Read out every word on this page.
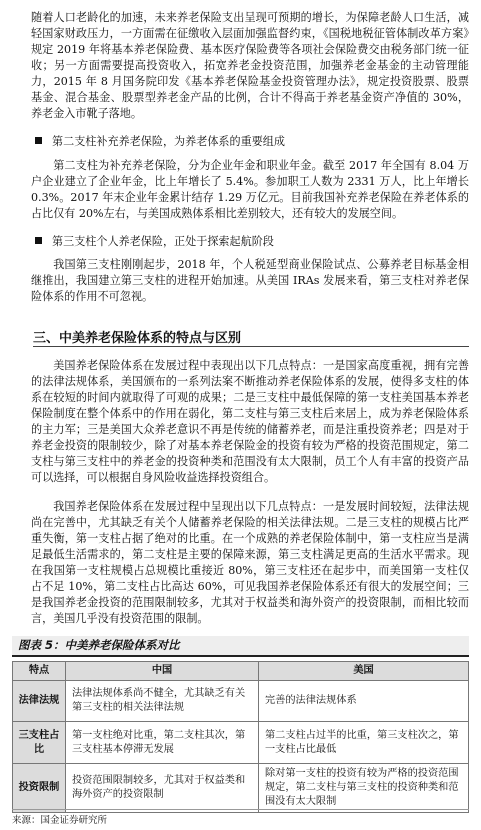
随着人口老龄化的加速，未来养老保险支出呈现可预期的增长，为保障老龄人口生活，减轻国家财政压力，一方面需在征缴收入层面加强监督约束，《国税地税征管体制改革方案》规定 2019 年将基本养老保险费、基本医疗保险费等各项社会保险费交由税务部门统一征收；另一方面需要提高投资收入，拓宽养老金投资范围，加强养老金基金的主动管理能力，2015 年 8 月国务院印发《基本养老保险基金投资管理办法》，规定投资股票、股票基金、混合基金、股票型养老金产品的比例，合计不得高于养老基金资产净值的 30%，养老金入市靴子落地。

第二支柱补充养老保险，为养老体系的重要组成

第二支柱为补充养老保险，分为企业年金和职业年金。截至 2017 年全国有 8.04 万户企业建立了企业年金，比上年增长了 5.4%。参加职工人数为 2331 万人，比上年增长 0.3%。2017 年末企业年金累计结存 1.29 万亿元。目前我国补充养老保险在养老体系的占比仅有 20%左右，与美国成熟体系相比差别较大，还有较大的发展空间。

第三支柱个人养老保险，正处于探索起航阶段

我国第三支柱刚刚起步，2018 年，个人税延型商业保险试点、公募养老目标基金相继推出，我国建立第三支柱的进程开始加速。从美国 IRAs 发展来看，第三支柱对养老保险体系的作用不可忽视。

三、中美养老保险体系的特点与区别

美国养老保险体系在发展过程中表现出以下几点特点：一是国家高度重视，拥有完善的法律法规体系，美国颁布的一系列法案不断推动养老保险体系的发展，使得多支柱的体系在较短的时间内就取得了可观的成果；二是三支柱中最低保障的第一支柱美国基本养老保险制度在整个体系中的作用在弱化，第二支柱与第三支柱后来居上，成为养老保险体系的主力军；三是美国大众养老意识不再是传统的储蓄养老，而是注重投资养老；四是对于养老金投资的限制较少，除了对基本养老保险金的投资有较为严格的投资范围规定，第二支柱与第三支柱中的养老金的投资种类和范围没有太大限制，员工个人有丰富的投资产品可以选择，可以根据自身风险收益选择投资组合。

我国养老保险体系在发展过程中呈现出以下几点特点：一是发展时间较短，法律法规尚在完善中，尤其缺乏有关个人储蓄养老保险的相关法律法规。二是三支柱的规模占比严重失衡，第一支柱占据了绝对的比重。在一个成熟的养老保险体制中，第一支柱应当是满足最低生活需求的，第二支柱是主要的保障来源，第三支柱满足更高的生活水平需求。现在我国第一支柱规模占总规模比重接近 80%，第三支柱还在起步中，而美国第一支柱仅占不足 10%，第二支柱占比高达 60%，可见我国养老保险体系还有很大的发展空间；三是我国养老金投资的范围限制较多，尤其对于权益类和海外资产的投资限制，而相比较而言，美国几乎没有投资范围的限制。

图表 5：中美养老保险体系对比
特点	中国	美国
法律法规	法律法规体系尚不健全，尤其缺乏有关第三支柱的相关法律法规	完善的法律法规体系
三支柱占比	第一支柱绝对比重，第二支柱其次，第三支柱基本停滞无发展	第二支柱占过半的比重，第三支柱次之，第一支柱占比最低
投资限制	投资范围限制较多，尤其对于权益类和海外资产的投资限制	除对第一支柱的投资有较为严格的投资范围规定，第二支柱与第三支柱的投资种类和范围没有太大限制
来源：国金证券研究所
